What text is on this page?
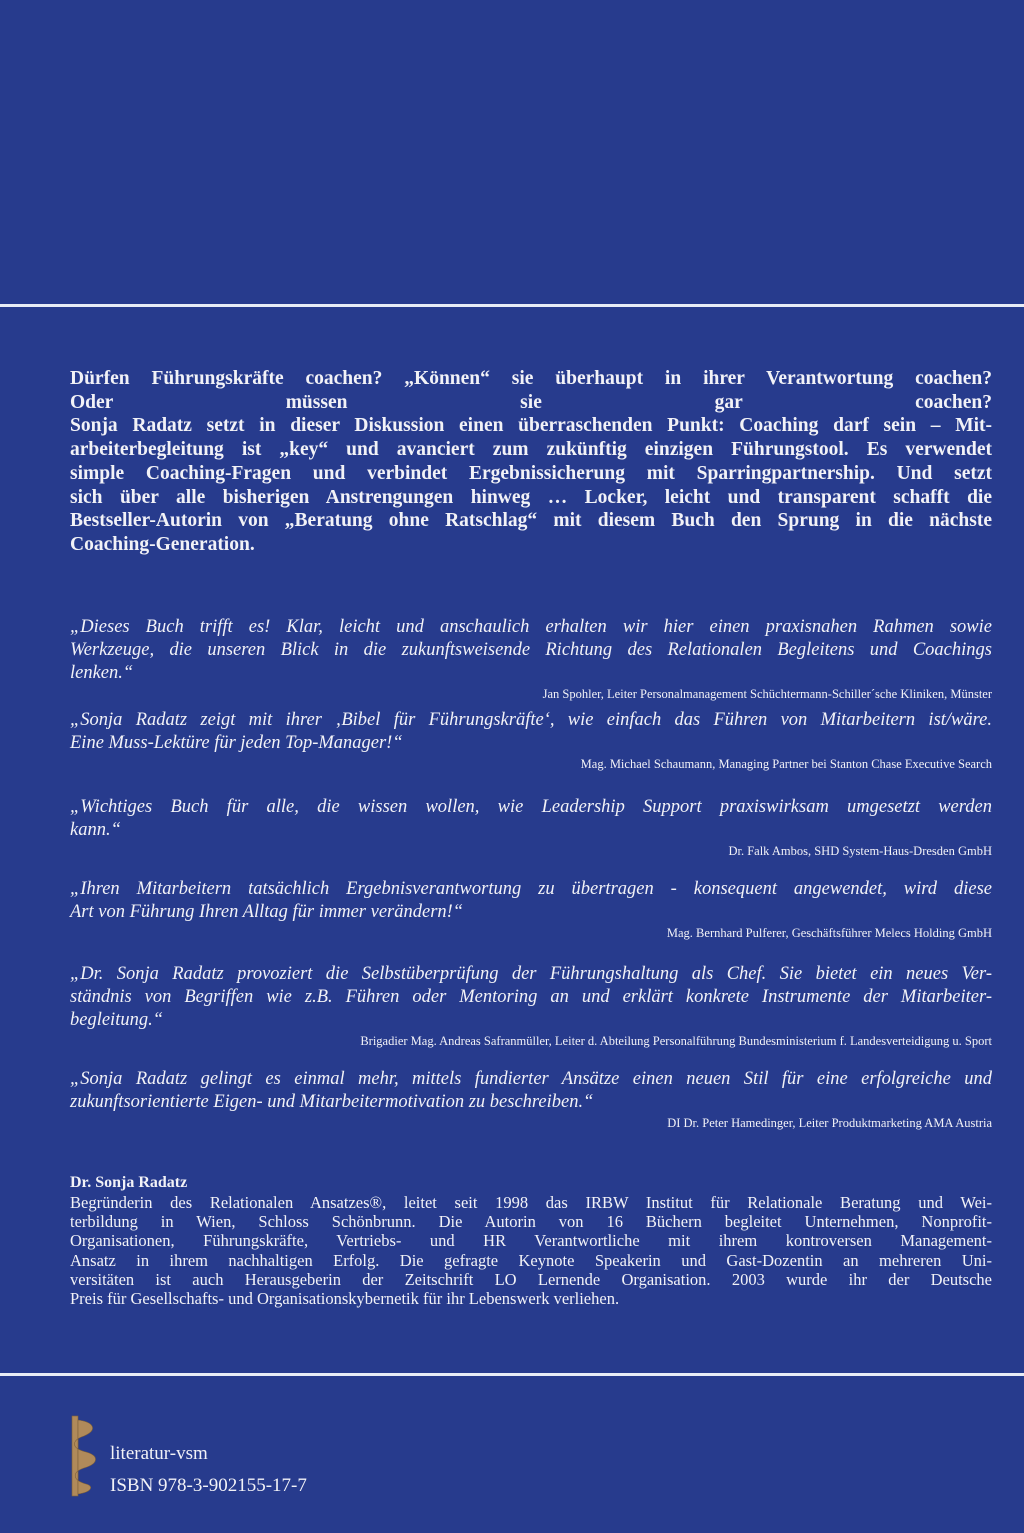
Dürfen Führungskräfte coachen? „Können“ sie überhaupt in ihrer Verantwortung coachen?
Oder müssen sie gar coachen?
Sonja Radatz setzt in dieser Diskussion einen überraschenden Punkt: Coaching darf sein – Mit-
arbeiterbegleitung ist „key“ und avanciert zum zukünftig einzigen Führungstool. Es verwendet
simple Coaching-Fragen und verbindet Ergebnissicherung mit Sparringpartnership. Und setzt
sich über alle bisherigen Anstrengungen hinweg … Locker, leicht und transparent schafft die
Bestseller-Autorin von „Beratung ohne Ratschlag“ mit diesem Buch den Sprung in die nächste
Coaching-Generation.
„Dieses Buch trifft es! Klar, leicht und anschaulich erhalten wir hier einen praxisnahen Rahmen sowie
Werkzeuge, die unseren Blick in die zukunftsweisende Richtung des Relationalen Begleitens und Coachings
lenken.“
Jan Spohler, Leiter Personalmanagement Schüchtermann-Schiller´sche Kliniken, Münster
„Sonja Radatz zeigt mit ihrer ‚Bibel für Führungskräfte‘, wie einfach das Führen von Mitarbeitern ist/wäre.
Eine Muss-Lektüre für jeden Top-Manager!“
Mag. Michael Schaumann, Managing Partner bei Stanton Chase Executive Search
„Wichtiges Buch für alle, die wissen wollen, wie Leadership Support praxiswirksam umgesetzt werden
kann.“
Dr. Falk Ambos, SHD System-Haus-Dresden GmbH
„Ihren Mitarbeitern tatsächlich Ergebnisverantwortung zu übertragen - konsequent angewendet, wird diese
Art von Führung Ihren Alltag für immer verändern!“
Mag. Bernhard Pulferer, Geschäftsführer Melecs Holding GmbH
„Dr. Sonja Radatz provoziert die Selbstüberprüfung der Führungshaltung als Chef. Sie bietet ein neues Ver-
ständnis von Begriffen wie z.B. Führen oder Mentoring an und erklärt konkrete Instrumente der Mitarbeiter-
begleitung.“
Brigadier Mag. Andreas Safranmüller, Leiter d. Abteilung Personalführung Bundesministerium f. Landesverteidigung u. Sport
„Sonja Radatz gelingt es einmal mehr, mittels fundierter Ansätze einen neuen Stil für eine erfolgreiche und
zukunftsorientierte Eigen- und Mitarbeitermotivation zu beschreiben.“
DI Dr. Peter Hamedinger, Leiter Produktmarketing AMA Austria
Dr. Sonja Radatz
Begründerin des Relationalen Ansatzes®, leitet seit 1998 das IRBW Institut für Relationale Beratung und Wei-
terbildung in Wien, Schloss Schönbrunn. Die Autorin von 16 Büchern begleitet Unternehmen, Nonprofit-
Organisationen, Führungskräfte, Vertriebs- und HR Verantwortliche mit ihrem kontroversen Management-
Ansatz in ihrem nachhaltigen Erfolg. Die gefragte Keynote Speakerin und Gast-Dozentin an mehreren Uni-
versitäten ist auch Herausgeberin der Zeitschrift LO Lernende Organisation. 2003 wurde ihr der Deutsche
Preis für Gesellschafts- und Organisationskybernetik für ihr Lebenswerk verliehen.
literatur-vsm
ISBN 978-3-902155-17-7
